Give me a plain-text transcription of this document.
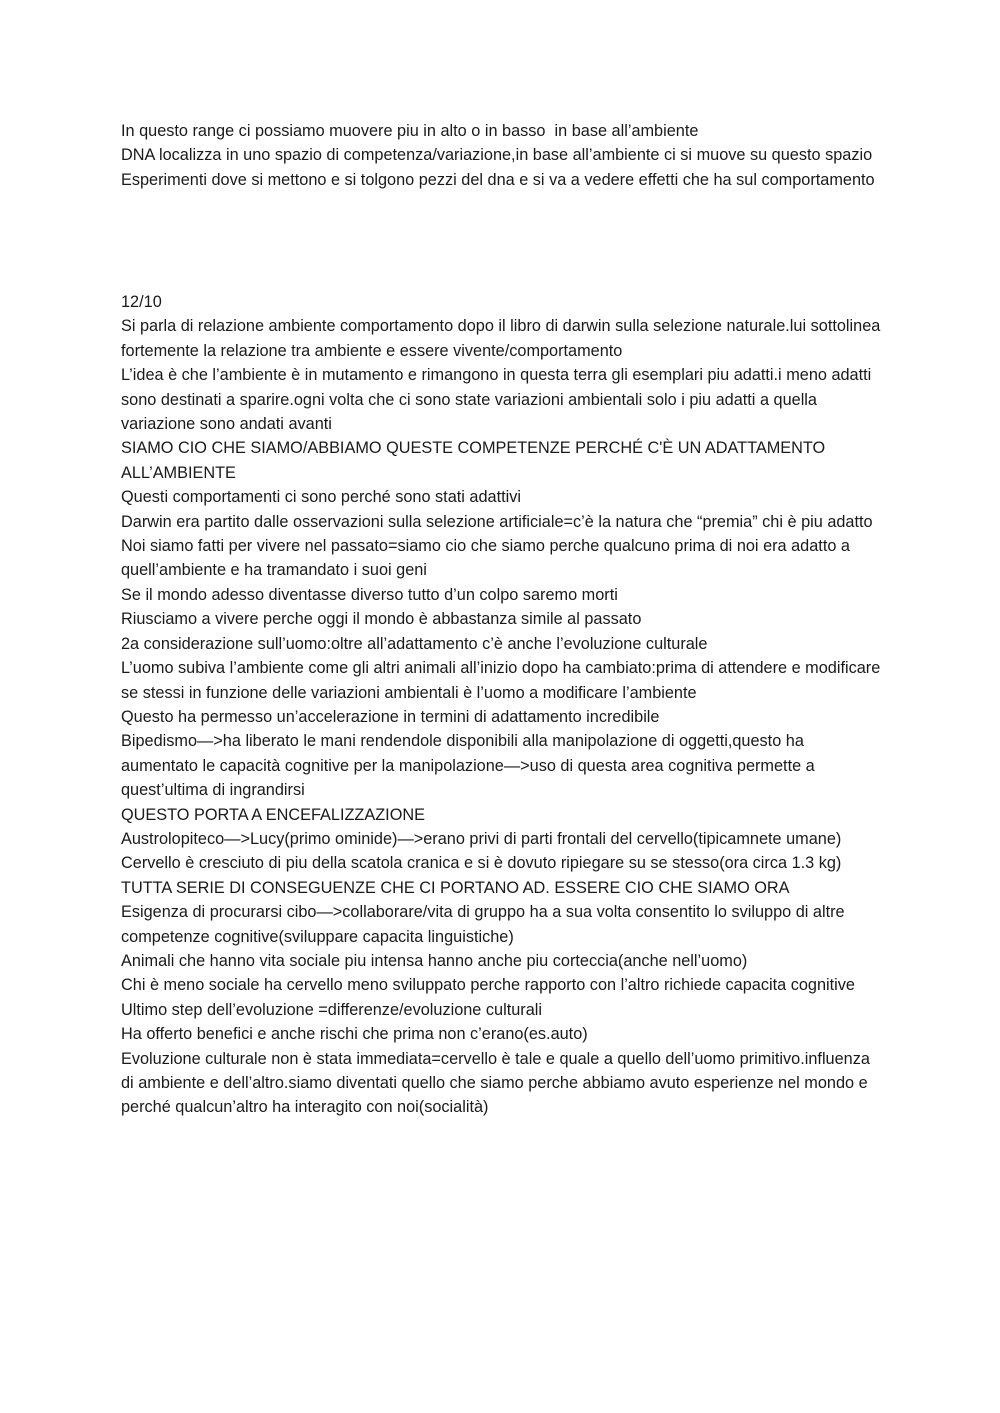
In questo range ci possiamo muovere piu in alto o in basso  in base all’ambiente

DNA localizza in uno spazio di competenza/variazione,in base all’ambiente ci si muove su questo spazio

Esperimenti dove si mettono e si tolgono pezzi del dna e si va a vedere effetti che ha sul comportamento

12/10

Si parla di relazione ambiente comportamento dopo il libro di darwin sulla selezione naturale.lui sottolinea fortemente la relazione tra ambiente e essere vivente/comportamento

L’idea è che l’ambiente è in mutamento e rimangono in questa terra gli esemplari piu adatti.i meno adatti sono destinati a sparire.ogni volta che ci sono state variazioni ambientali solo i piu adatti a quella variazione sono andati avanti

SIAMO CIO CHE SIAMO/ABBIAMO QUESTE COMPETENZE PERCHÉ C'È UN ADATTAMENTO ALL’AMBIENTE

Questi comportamenti ci sono perché sono stati adattivi

Darwin era partito dalle osservazioni sulla selezione artificiale=c’è la natura che “premia” chi è piu adatto

Noi siamo fatti per vivere nel passato=siamo cio che siamo perche qualcuno prima di noi era adatto a quell’ambiente e ha tramandato i suoi geni

Se il mondo adesso diventasse diverso tutto d’un colpo saremo morti

Riusciamo a vivere perche oggi il mondo è abbastanza simile al passato

2a considerazione sull’uomo:oltre all’adattamento c’è anche l’evoluzione culturale

L’uomo subiva l’ambiente come gli altri animali all’inizio dopo ha cambiato:prima di attendere e modificare se stessi in funzione delle variazioni ambientali è l’uomo a modificare l’ambiente

Questo ha permesso un’accelerazione in termini di adattamento incredibile

Bipedismo—>ha liberato le mani rendendole disponibili alla manipolazione di oggetti,questo ha aumentato le capacità cognitive per la manipolazione—>uso di questa area cognitiva permette a quest’ultima di ingrandirsi

QUESTO PORTA A ENCEFALIZZAZIONE

Austrolopiteco—>Lucy(primo ominide)—>erano privi di parti frontali del cervello(tipicamnete umane)

Cervello è cresciuto di piu della scatola cranica e si è dovuto ripiegare su se stesso(ora circa 1.3 kg)

TUTTA SERIE DI CONSEGUENZE CHE CI PORTANO AD. ESSERE CIO CHE SIAMO ORA

Esigenza di procurarsi cibo—>collaborare/vita di gruppo ha a sua volta consentito lo sviluppo di altre competenze cognitive(sviluppare capacita linguistiche)

Animali che hanno vita sociale piu intensa hanno anche piu corteccia(anche nell’uomo)

Chi è meno sociale ha cervello meno sviluppato perche rapporto con l’altro richiede capacita cognitive

Ultimo step dell’evoluzione =differenze/evoluzione culturali

Ha offerto benefici e anche rischi che prima non c’erano(es.auto)

Evoluzione culturale non è stata immediata=cervello è tale e quale a quello dell’uomo primitivo.influenza di ambiente e dell’altro.siamo diventati quello che siamo perche abbiamo avuto esperienze nel mondo e perché qualcun’altro ha interagito con noi(socialità)
